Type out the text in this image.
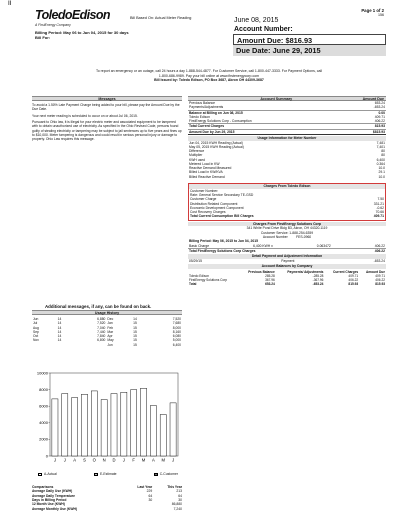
II
ToledoEdison
A FirstEnergy Company
Bill Based On: Actual Meter Reading
Billing Period: May 06 to Jun 04, 2015 for 30 days
Bill For:
Page 1 of 2
156
June 08, 2015
Account Number:
Amount Due: $816.93
Due Date: June 29, 2015
To report an emergency or an outage, call 24 hours a day 1-888-544-4877. For Customer Service, call 1-800-447-3333. For Payment Options, call
1-800-686-9989. Pay your bill online at www.firstenergycorp.com
Bill Issued by: Toledo Edison, PO Box 3687, Akron OH 44309-3687
Messages

To avoid a 1.50% Late Payment Charge being added to your bill, please pay the Amount Due by the Due Date.

Your next meter reading is scheduled to occur on or about Jul 06, 2015.

Pursuant to Ohio law, it is illegal for your electric meter and associated equipment to be tampered with to obtain unauthorized use of electricity. As specified in the Ohio Revised Code, persons found guilty of stealing electricity or tampering may be subject to jail sentences up to five years and fines up to $10,000. Meter tampering is dangerous and could result in serious personal injury or damage to property. Ohio Law requires this message.

Additional messages, if any, can be found on back.
Usage History
Jun	14	6,880	Dec	14	7,520
Jul	14	7,520	Jan	15	7,680
Aug	14	7,040	Feb	15	8,000
Sep	14	7,440	Mar	15	8,160
Oct	14	7,840	Apr	15	6,080
Nov	14	6,800	May	15	5,000
			Jun	15	6,400
0
2000
4000
6000
8000
10000
J J A S O N D J F M A M J
A-Actual	E-Estimate	C-Customer
Comparisons	Last Year	This Year
Average Daily Use (KWH)	229	213
Average Daily Temperature	64	64
Days in Billing Period	30	30
12 Month Use (KWH)		86,880
Average Monthly Use (KWH)		7,240
Account Summary	Amount Due
Previous Balance	653.24
Payments/Adjustments	-653.24
Balance at Billing on Jun 08, 2015	0.00
Toledo Edison	409.71
FirstEnergy Solutions Corp - Consumption	406.22
Total Current Charges	815.93
Amount Due by Jun 29, 2015	$815.93
Usage Information for Meter Number
Jun 04, 2015 KWH Reading (Actual)	7,481
May 05, 2015 KWH Reading (Actual)	7,401
Difference	80
Multiplier	80
KWH used	6,400
Metered Load in KW	0.364
Reactive Demand Measured	10.0
Billed Load in KW/KVA	29.1
Billed Reactive Demand	10.0
Charges From Toledo Edison
Customer Number:
Rate: General Service Secondary TE-GSD
Customer Charge	7.50
Distribution Related Component	331.21
Economic Development Component	-0.62
Cost Recovery Charges	70.66
Total Current Consumption Bill Charges	409.71
Charges From FirstEnergy Solutions Corp
341 White Pond Drive Bldg B3, Akron, OH 44320-1119
Customer Service: 1-888-254-6359
Account Number	FES-0960
Billing Period: May 06, 2015 to Jun 04, 2015
Basic Charge	6,400 KWH x	0.063472	406.22
Total FirstEnergy Solutions Corp Charges	406.22
Detail Payment and Adjustment Information
05/29/15	Payment	-653.24
Account Balances by Company
	Previous Balance	Payments/ Adjustments	Current Charges	Amount Due
Toledo Edison	285.28	-285.28	409.71	409.71
FirstEnergy Solutions Corp	367.96	-367.96	406.22	406.22
Total	653.24	-653.24	815.93	815.93
